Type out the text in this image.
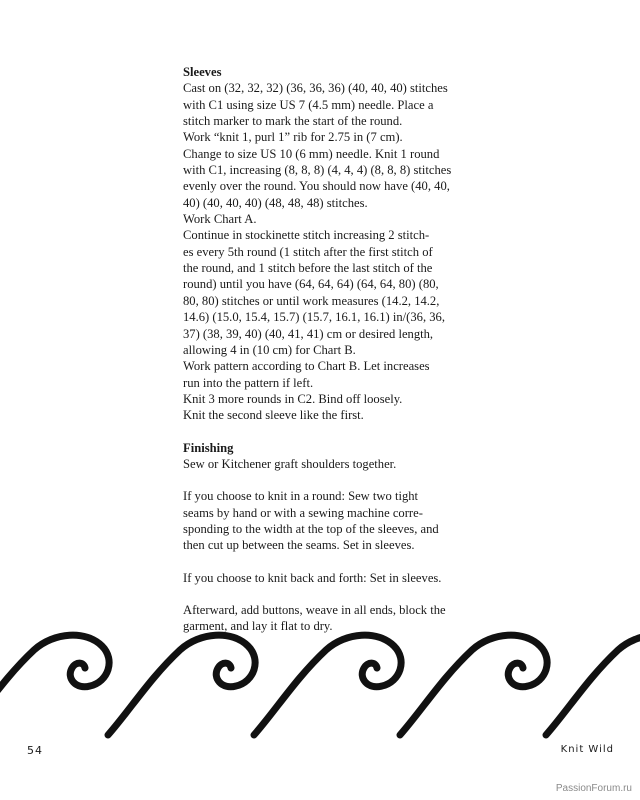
Sleeves

Cast on (32, 32, 32) (36, 36, 36) (40, 40, 40) stitches

with C1 using size US 7 (4.5 mm) needle. Place a

stitch marker to mark the start of the round.

Work “knit 1, purl 1” rib for 2.75 in (7 cm).

Change to size US 10 (6 mm) needle. Knit 1 round

with C1, increasing (8, 8, 8) (4, 4, 4) (8, 8, 8) stitches

evenly over the round. You should now have (40, 40,

40) (40, 40, 40) (48, 48, 48) stitches.

Work Chart A.

Continue in stockinette stitch increasing 2 stitch-

es every 5th round (1 stitch after the first stitch of

the round, and 1 stitch before the last stitch of the

round) until you have (64, 64, 64) (64, 64, 80) (80,

80, 80) stitches or until work measures (14.2, 14.2,

14.6) (15.0, 15.4, 15.7) (15.7, 16.1, 16.1) in/(36, 36,

37) (38, 39, 40) (40, 41, 41) cm or desired length,

allowing 4 in (10 cm) for Chart B.

Work pattern according to Chart B. Let increases

run into the pattern if left.

Knit 3 more rounds in C2. Bind off loosely.

Knit the second sleeve like the first.

Finishing

Sew or Kitchener graft shoulders together.

If you choose to knit in a round: Sew two tight

seams by hand or with a sewing machine corre-

sponding to the width at the top of the sleeves, and

then cut up between the seams. Set in sleeves.

If you choose to knit back and forth: Set in sleeves.

Afterward, add buttons, weave in all ends, block the

garment, and lay it flat to dry.

54	Knit Wild
PassionForum.ru
